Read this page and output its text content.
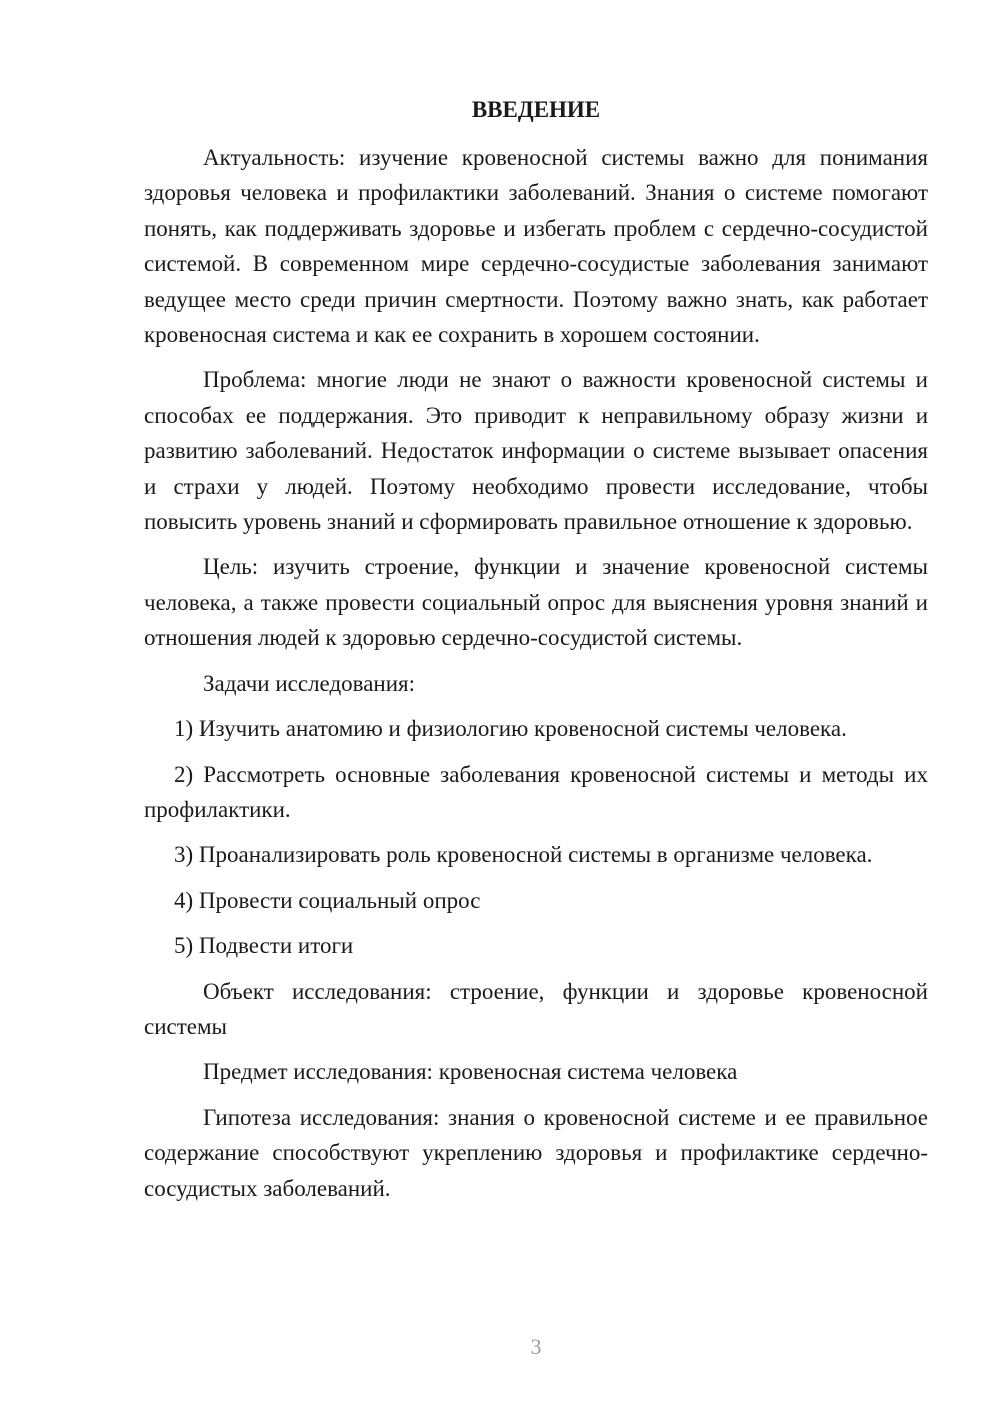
ВВЕДЕНИЕ

Актуальность: изучение кровеносной системы важно для понимания здоровья человека и профилактики заболеваний. Знания о системе помогают понять, как поддерживать здоровье и избегать проблем с сердечно-сосудистой системой. В современном мире сердечно-сосудистые заболевания занимают ведущее место среди причин смертности. Поэтому важно знать, как работает кровеносная система и как ее сохранить в хорошем состоянии.

Проблема: многие люди не знают о важности кровеносной системы и способах ее поддержания. Это приводит к неправильному образу жизни и развитию заболеваний. Недостаток информации о системе вызывает опасения и страхи у людей. Поэтому необходимо провести исследование, чтобы повысить уровень знаний и сформировать правильное отношение к здоровью.

Цель: изучить строение, функции и значение кровеносной системы человека, а также провести социальный опрос для выяснения уровня знаний и отношения людей к здоровью сердечно-сосудистой системы.

Задачи исследования:

1) Изучить анатомию и физиологию кровеносной системы человека.

2) Рассмотреть основные заболевания кровеносной системы и методы их профилактики.

3) Проанализировать роль кровеносной системы в организме человека.

4) Провести социальный опрос

5) Подвести итоги

Объект исследования: строение, функции и здоровье кровеносной системы

Предмет исследования: кровеносная система человека

Гипотеза исследования: знания о кровеносной системе и ее правильное содержание способствуют укреплению здоровья и профилактике сердечно-сосудистых заболеваний.

3
